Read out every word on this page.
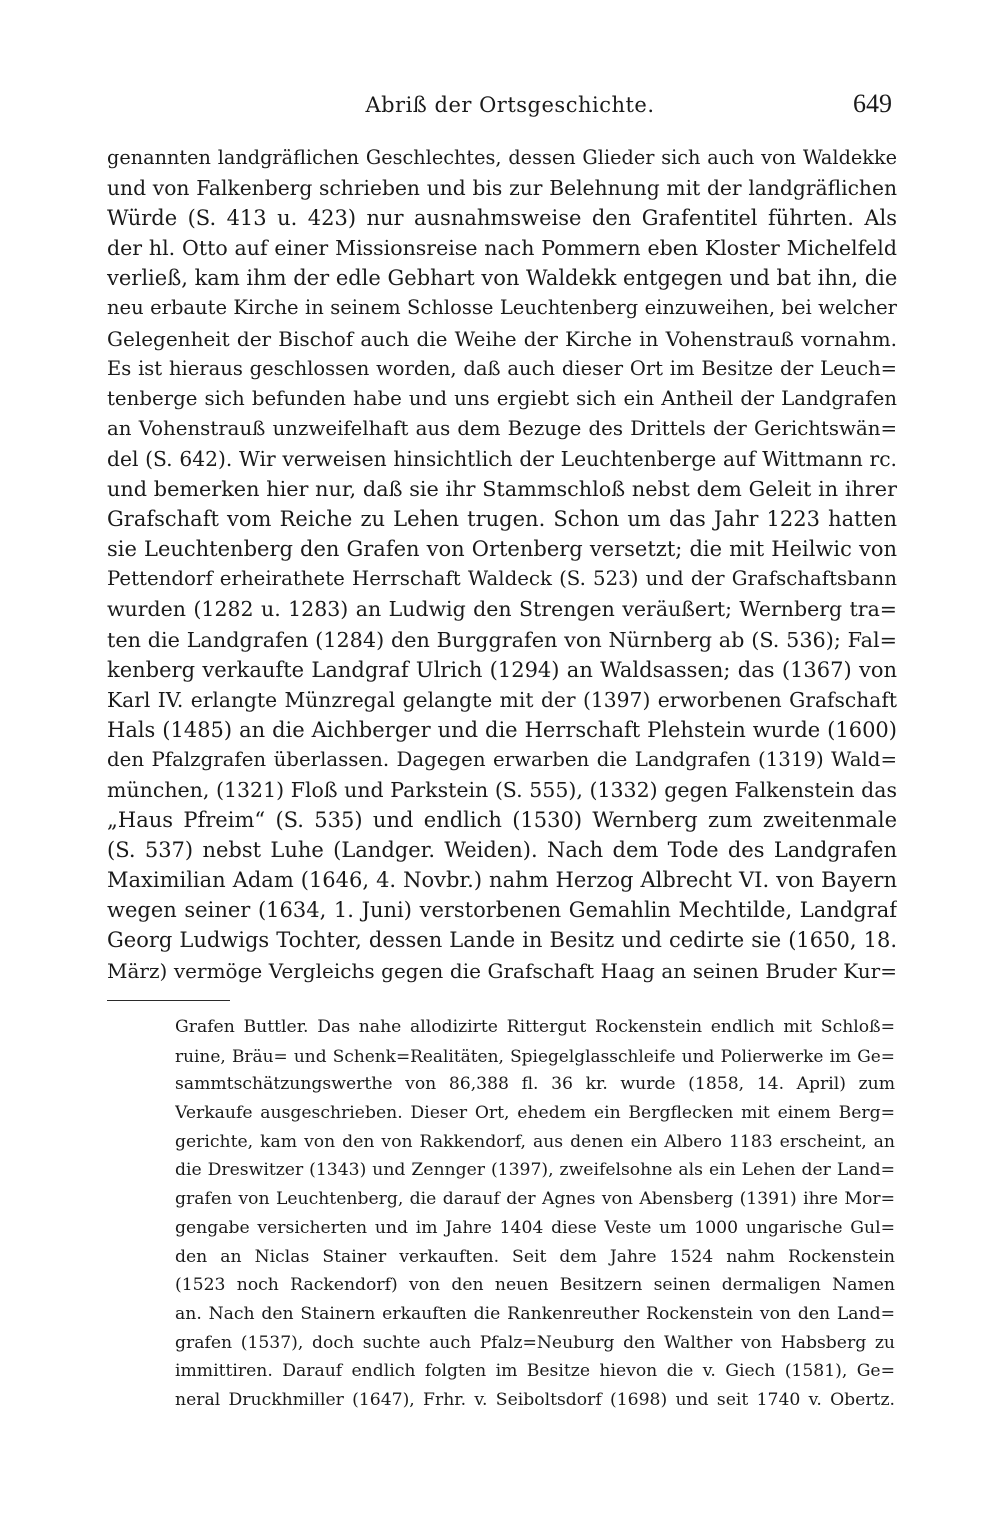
Abriß der Ortsgeschichte.	649
genannten landgräflichen Geschlechtes, dessen Glieder sich auch von Waldekke
und von Falkenberg schrieben und bis zur Belehnung mit der landgräflichen
Würde (S. 413 u. 423) nur ausnahmsweise den Grafentitel führten. Als
der hl. Otto auf einer Missionsreise nach Pommern eben Kloster Michelfeld
verließ, kam ihm der edle Gebhart von Waldekk entgegen und bat ihn, die
neu erbaute Kirche in seinem Schlosse Leuchtenberg einzuweihen, bei welcher
Gelegenheit der Bischof auch die Weihe der Kirche in Vohenstrauß vornahm.
Es ist hieraus geschlossen worden, daß auch dieser Ort im Besitze der Leuch=
tenberge sich befunden habe und uns ergiebt sich ein Antheil der Landgrafen
an Vohenstrauß unzweifelhaft aus dem Bezuge des Drittels der Gerichtswän=
del (S. 642). Wir verweisen hinsichtlich der Leuchtenberge auf Wittmann rc.
und bemerken hier nur, daß sie ihr Stammschloß nebst dem Geleit in ihrer
Grafschaft vom Reiche zu Lehen trugen. Schon um das Jahr 1223 hatten
sie Leuchtenberg den Grafen von Ortenberg versetzt; die mit Heilwic von
Pettendorf erheirathete Herrschaft Waldeck (S. 523) und der Grafschaftsbann
wurden (1282 u. 1283) an Ludwig den Strengen veräußert; Wernberg tra=
ten die Landgrafen (1284) den Burggrafen von Nürnberg ab (S. 536); Fal=
kenberg verkaufte Landgraf Ulrich (1294) an Waldsassen; das (1367) von
Karl IV. erlangte Münzregal gelangte mit der (1397) erworbenen Grafschaft
Hals (1485) an die Aichberger und die Herrschaft Plehstein wurde (1600)
den Pfalzgrafen überlassen. Dagegen erwarben die Landgrafen (1319) Wald=
münchen, (1321) Floß und Parkstein (S. 555), (1332) gegen Falkenstein das
„Haus Pfreim“ (S. 535) und endlich (1530) Wernberg zum zweitenmale
(S. 537) nebst Luhe (Landger. Weiden). Nach dem Tode des Landgrafen
Maximilian Adam (1646, 4. Novbr.) nahm Herzog Albrecht VI. von Bayern
wegen seiner (1634, 1. Juni) verstorbenen Gemahlin Mechtilde, Landgraf
Georg Ludwigs Tochter, dessen Lande in Besitz und cedirte sie (1650, 18.
März) vermöge Vergleichs gegen die Grafschaft Haag an seinen Bruder Kur=
Grafen Buttler. Das nahe allodizirte Rittergut Rockenstein endlich mit Schloß=
ruine, Bräu= und Schenk=Realitäten, Spiegelglasschleife und Polierwerke im Ge=
sammtschätzungswerthe von 86,388 fl. 36 kr. wurde (1858, 14. April) zum
Verkaufe ausgeschrieben. Dieser Ort, ehedem ein Bergflecken mit einem Berg=
gerichte, kam von den von Rakkendorf, aus denen ein Albero 1183 erscheint, an
die Dreswitzer (1343) und Zennger (1397), zweifelsohne als ein Lehen der Land=
grafen von Leuchtenberg, die darauf der Agnes von Abensberg (1391) ihre Mor=
gengabe versicherten und im Jahre 1404 diese Veste um 1000 ungarische Gul=
den an Niclas Stainer verkauften. Seit dem Jahre 1524 nahm Rockenstein
(1523 noch Rackendorf) von den neuen Besitzern seinen dermaligen Namen
an. Nach den Stainern erkauften die Rankenreuther Rockenstein von den Land=
grafen (1537), doch suchte auch Pfalz=Neuburg den Walther von Habsberg zu
immittiren. Darauf endlich folgten im Besitze hievon die v. Giech (1581), Ge=
neral Druckhmiller (1647), Frhr. v. Seiboltsdorf (1698) und seit 1740 v. Obertz.
